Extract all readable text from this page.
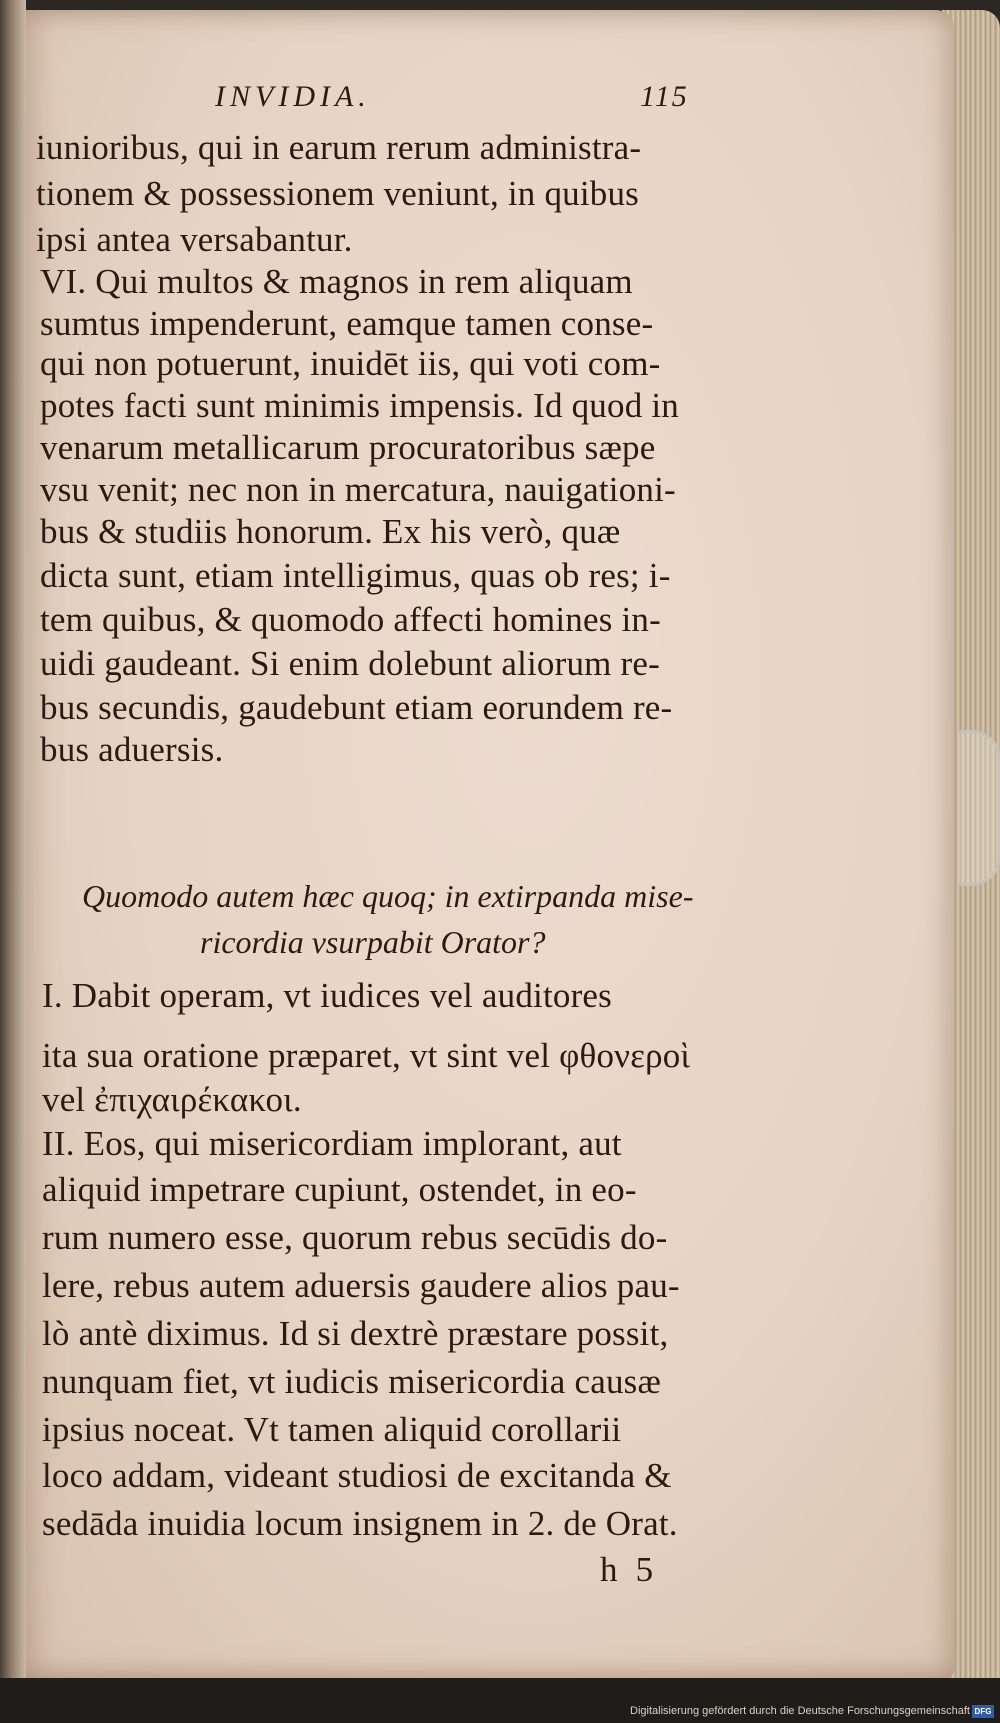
INVIDIA.	115
iunioribus, qui in earum rerum administra-
tionem & possessionem veniunt, in quibus
ipsi antea versabantur.
VI. Qui multos & magnos in rem aliquam
sumtus impenderunt, eamque tamen conse-
qui non potuerunt, inuidēt iis, qui voti com-
potes facti sunt minimis impensis. Id quod in
venarum metallicarum procuratoribus sæpe
vsu venit; nec non in mercatura, nauigationi-
bus & studiis honorum. Ex his verò, quæ
dicta sunt, etiam intelligimus, quas ob res; i-
tem quibus, & quomodo affecti homines in-
uidi gaudeant. Si enim dolebunt aliorum re-
bus secundis, gaudebunt etiam eorundem re-
bus aduersis.
Quomodo autem hæc quoq; in extirpanda mise-
ricordia vsurpabit Orator?
I. Dabit operam, vt iudices vel auditores
ita sua oratione præparet, vt sint vel φθονεροὶ
vel ἐπιχαιρέκακοι.
II. Eos, qui misericordiam implorant, aut
aliquid impetrare cupiunt, ostendet, in eo-
rum numero esse, quorum rebus secūdis do-
lere, rebus autem aduersis gaudere alios pau-
lò antè diximus. Id si dextrè præstare possit,
nunquam fiet, vt iudicis misericordia causæ
ipsius noceat. Vt tamen aliquid corollarii
loco addam, videant studiosi de excitanda &
sedāda inuidia locum insignem in 2. de Orat.
h  5
Digitalisierung gefördert durch die Deutsche Forschungsgemeinschaft DFG
